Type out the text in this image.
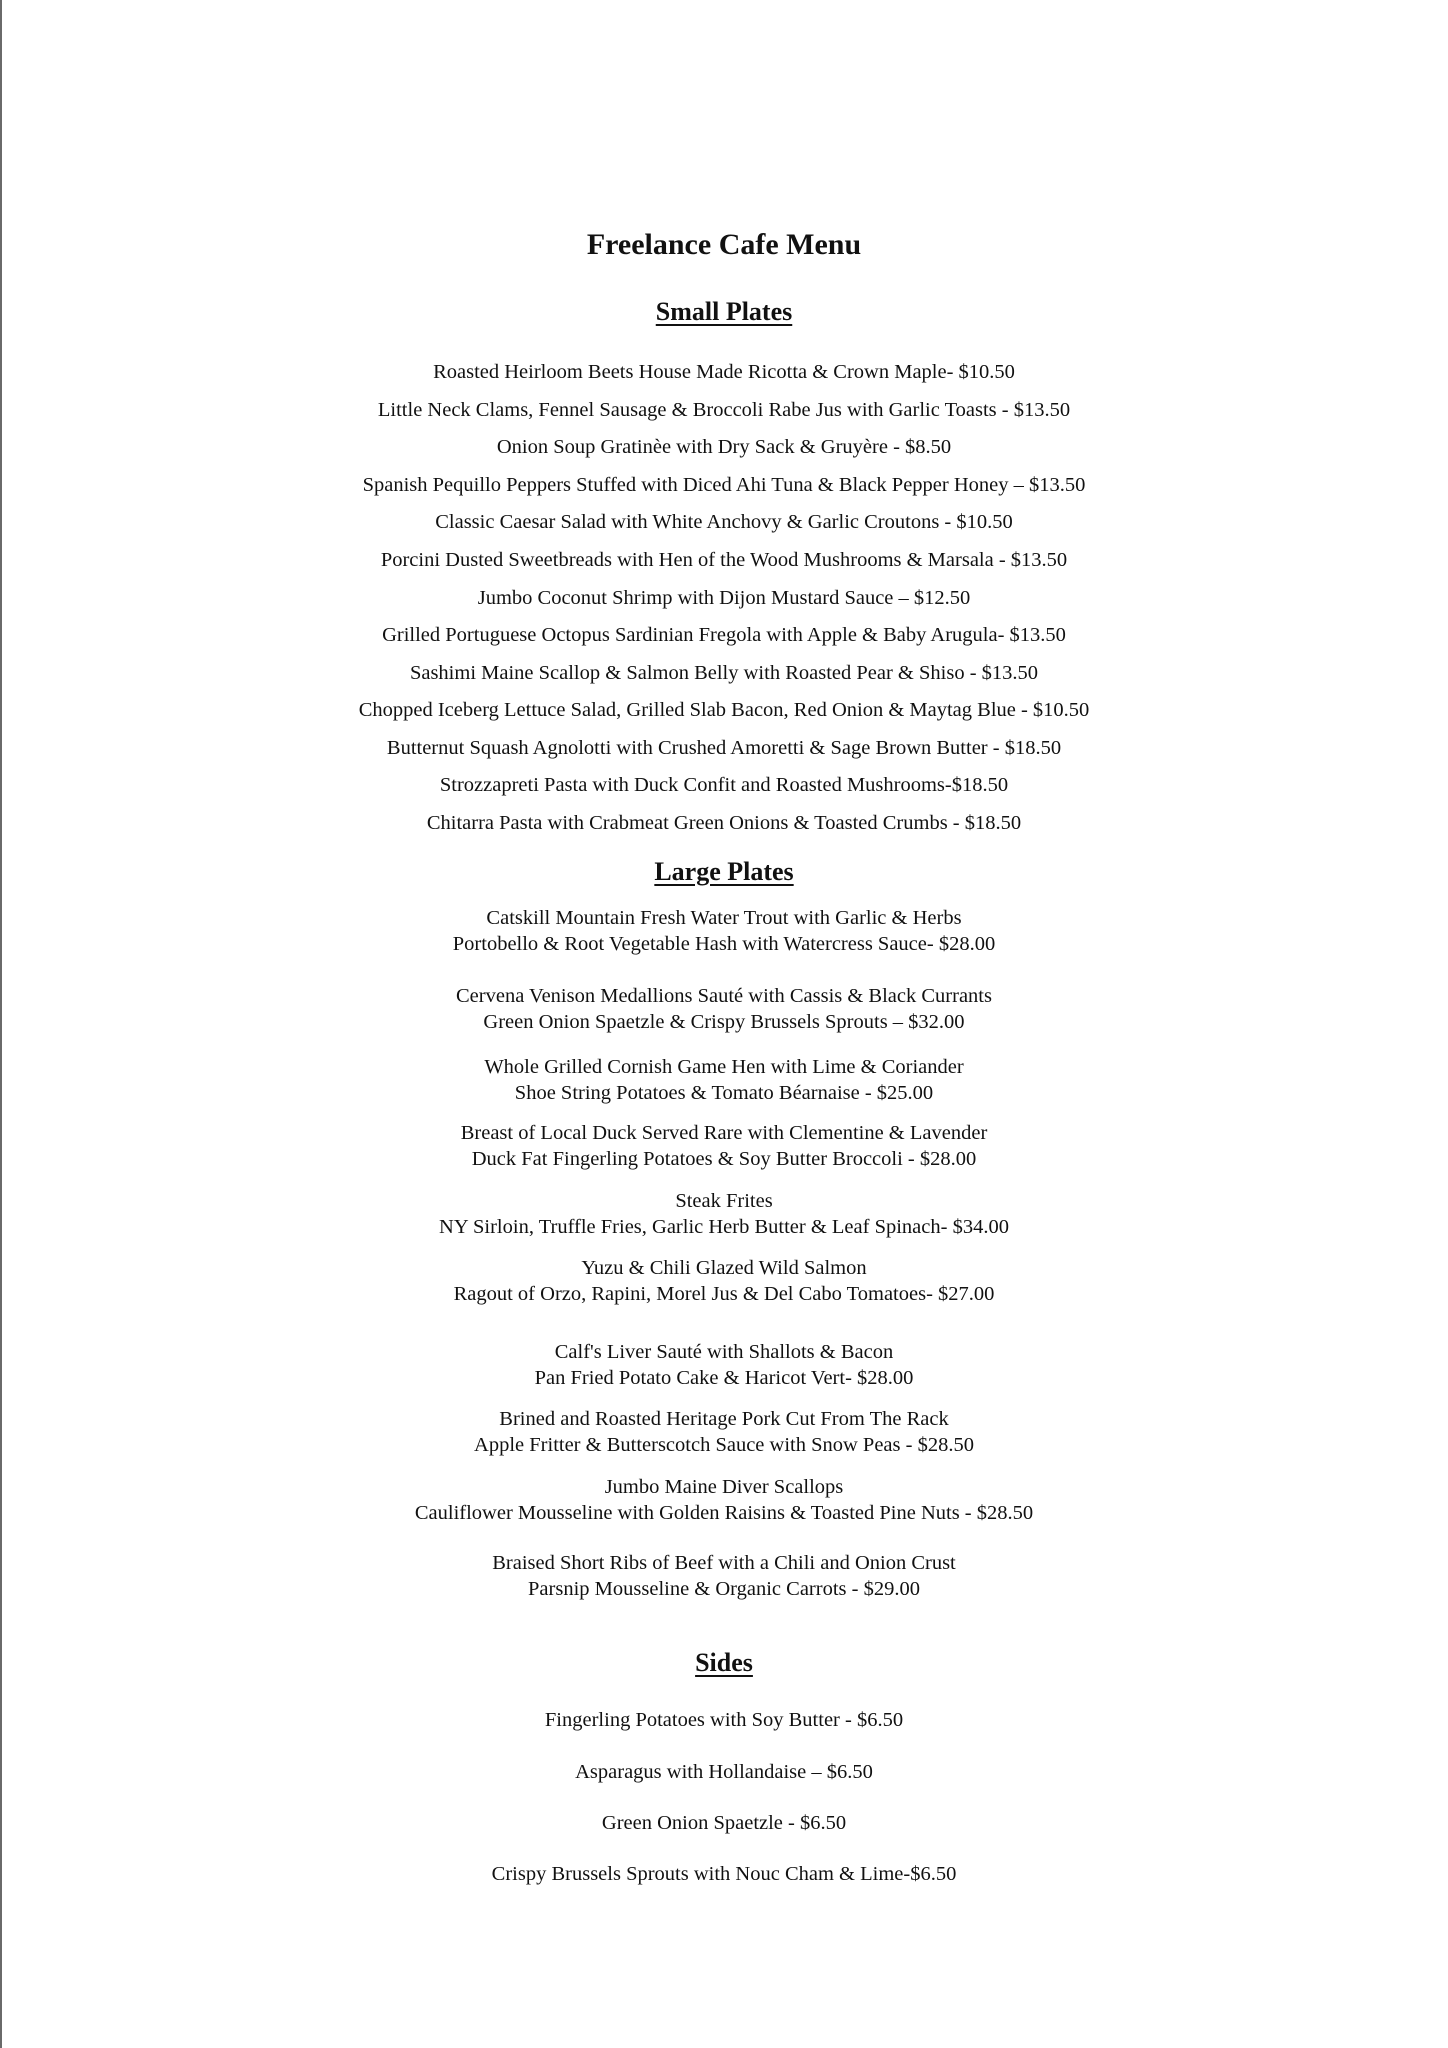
Freelance Cafe Menu
Small Plates

Roasted Heirloom Beets House Made Ricotta & Crown Maple- $10.50

Little Neck Clams, Fennel Sausage & Broccoli Rabe Jus with Garlic Toasts - $13.50

Onion Soup Gratinèe with Dry Sack & Gruyère - $8.50

Spanish Pequillo Peppers Stuffed with Diced Ahi Tuna & Black Pepper Honey – $13.50

Classic Caesar Salad with White Anchovy & Garlic Croutons - $10.50

Porcini Dusted Sweetbreads with Hen of the Wood Mushrooms & Marsala - $13.50

Jumbo Coconut Shrimp with Dijon Mustard Sauce – $12.50

Grilled Portuguese Octopus Sardinian Fregola with Apple & Baby Arugula- $13.50

Sashimi Maine Scallop & Salmon Belly with Roasted Pear & Shiso - $13.50

Chopped Iceberg Lettuce Salad, Grilled Slab Bacon, Red Onion & Maytag Blue - $10.50

Butternut Squash Agnolotti with Crushed Amoretti & Sage Brown Butter - $18.50

Strozzapreti Pasta with Duck Confit and Roasted Mushrooms-$18.50

Chitarra Pasta with Crabmeat Green Onions & Toasted Crumbs - $18.50

Large Plates

Catskill Mountain Fresh Water Trout with Garlic & Herbs

Portobello & Root Vegetable Hash with Watercress Sauce- $28.00

Cervena Venison Medallions Sauté with Cassis & Black Currants

Green Onion Spaetzle & Crispy Brussels Sprouts – $32.00

Whole Grilled Cornish Game Hen with Lime & Coriander

Shoe String Potatoes & Tomato Béarnaise - $25.00

Breast of Local Duck Served Rare with Clementine & Lavender

Duck Fat Fingerling Potatoes & Soy Butter Broccoli - $28.00

Steak Frites

NY Sirloin, Truffle Fries, Garlic Herb Butter & Leaf Spinach- $34.00

Yuzu & Chili Glazed Wild Salmon

Ragout of Orzo, Rapini, Morel Jus & Del Cabo Tomatoes- $27.00

Calf's Liver Sauté with Shallots & Bacon

Pan Fried Potato Cake & Haricot Vert- $28.00

Brined and Roasted Heritage Pork Cut From The Rack

Apple Fritter & Butterscotch Sauce with Snow Peas - $28.50

Jumbo Maine Diver Scallops

Cauliflower Mousseline with Golden Raisins & Toasted Pine Nuts - $28.50

Braised Short Ribs of Beef with a Chili and Onion Crust

Parsnip Mousseline & Organic Carrots - $29.00

Sides

Fingerling Potatoes with Soy Butter - $6.50

Asparagus with Hollandaise – $6.50

Green Onion Spaetzle - $6.50

Crispy Brussels Sprouts with Nouc Cham & Lime-$6.50
